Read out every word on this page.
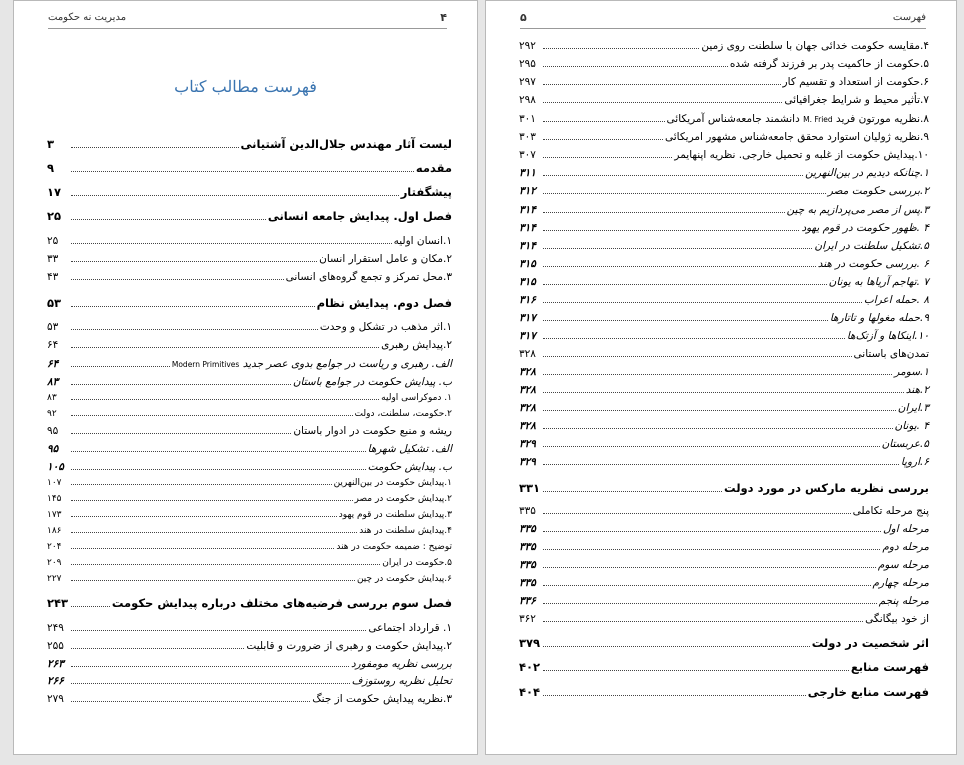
مدیریت نه حکومت	۴
فهرست مطالب کتاب
لیست آثار مهندس جلال‌الدین آشتیانی
۳
مقدمه
۹
پیشگفتار
۱۷
فصل اول. پیدایش جامعه انسانی
۲۵
۱.انسان اولیه
۲۵
۲.مکان و عامل استقرار انسان
۳۳
۳.محل تمرکز و تجمع گروه‌های انسانی
۴۳
فصل دوم. پیدایش نظام
۵۳
۱.اثر مذهب در تشکل و وحدت
۵۳
۲.پیدایش رهبری
۶۴
الف. رهبری و ریاست در جوامع بدوی عصر جدید Modern Primitives
۶۴
ب. پیدایش حکومت در جوامع باستان
۸۳
۱. دموکراسی اولیه
۸۳
۲.حکومت، سلطنت، دولت
۹۲
ریشه و منبع حکومت در ادوار باستان
۹۵
الف. تشکیل شهرها
۹۵
ب. پیدایش حکومت
۱۰۵
۱.پیدایش حکومت در بین‌النهرین
۱۰۷
۲.پیدایش حکومت در مصر
۱۴۵
۳.پیدایش سلطنت در قوم یهود
۱۷۳
۴.پیدایش سلطنت در هند
۱۸۶
توضیح : ضمیمه حکومت در هند
۲۰۴
۵.حکومت در ایران
۲۰۹
۶.پیدایش حکومت در چین
۲۲۷
فصل سوم بررسی فرضیه‌های مختلف درباره پیدایش حکومت
۲۴۳
۱. قرارداد اجتماعی
۲۴۹
۲.پیدایش حکومت و رهبری از ضرورت و قابلیت
۲۵۵
بررسی نظریه مومفورد
۲۶۳
تحلیل نظریه روستوزف
۲۶۶
۳.نظریه پیدایش حکومت از جنگ
۲۷۹
فهرست
۵
۴.مقایسه حکومت خدائی جهان با سلطنت روی زمین
۲۹۲
۵.حکومت از حاکمیت پدر بر فرزند گرفته شده
۲۹۵
۶.حکومت از استعداد و تقسیم کار
۲۹۷
۷.تأثیر محیط و شرایط جغرافیائی
۲۹۸
۸.نظریه مورتون فرید M. Fried دانشمند جامعه‌شناس آمریکائی
۳۰۱
۹.نظریه ژولیان استوارد محقق جامعه‌شناس مشهور امریکائی
۳۰۳
۱۰.پیدایش حکومت از غلبه و تحمیل خارجی. نظریه اپنهایمر
۳۰۷
۱.چنانکه دیدیم در بین‌النهرین
۳۱۱
۲.بررسی حکومت مصر
۳۱۲
۳.پس از مصر می‌پردازیم به چین
۳۱۴
۴ .ظهور حکومت در قوم یهود
۳۱۴
۵.تشکیل سلطنت در ایران
۳۱۴
۶ .بررسی حکومت در هند
۳۱۵
۷ .تهاجم آریاها به یونان
۳۱۵
۸ .حمله اعراب
۳۱۶
۹.حمله مغولها و تاتارها
۳۱۷
۱۰.اینکاها و آزتک‌ها
۳۱۷
تمدن‌های باستانی
۳۲۸
۱.سومر
۳۲۸
۲.هند
۳۲۸
۳.ایران
۳۲۸
۴ .یونان
۳۲۸
۵.عربستان
۳۲۹
۶.اروپا
۳۲۹
بررسی نظریه مارکس در مورد دولت
۳۳۱
پنج مرحله تکاملی
۳۳۵
مرحله اول
۳۳۵
مرحله دوم
۳۳۵
مرحله سوم
۳۳۵
مرحله چهارم
۳۳۵
مرحله پنجم
۳۳۶
از خود بیگانگی
۳۶۲
اثر شخصیت در دولت
۳۷۹
فهرست منابع
۴۰۲
فهرست منابع خارجی
۴۰۴
